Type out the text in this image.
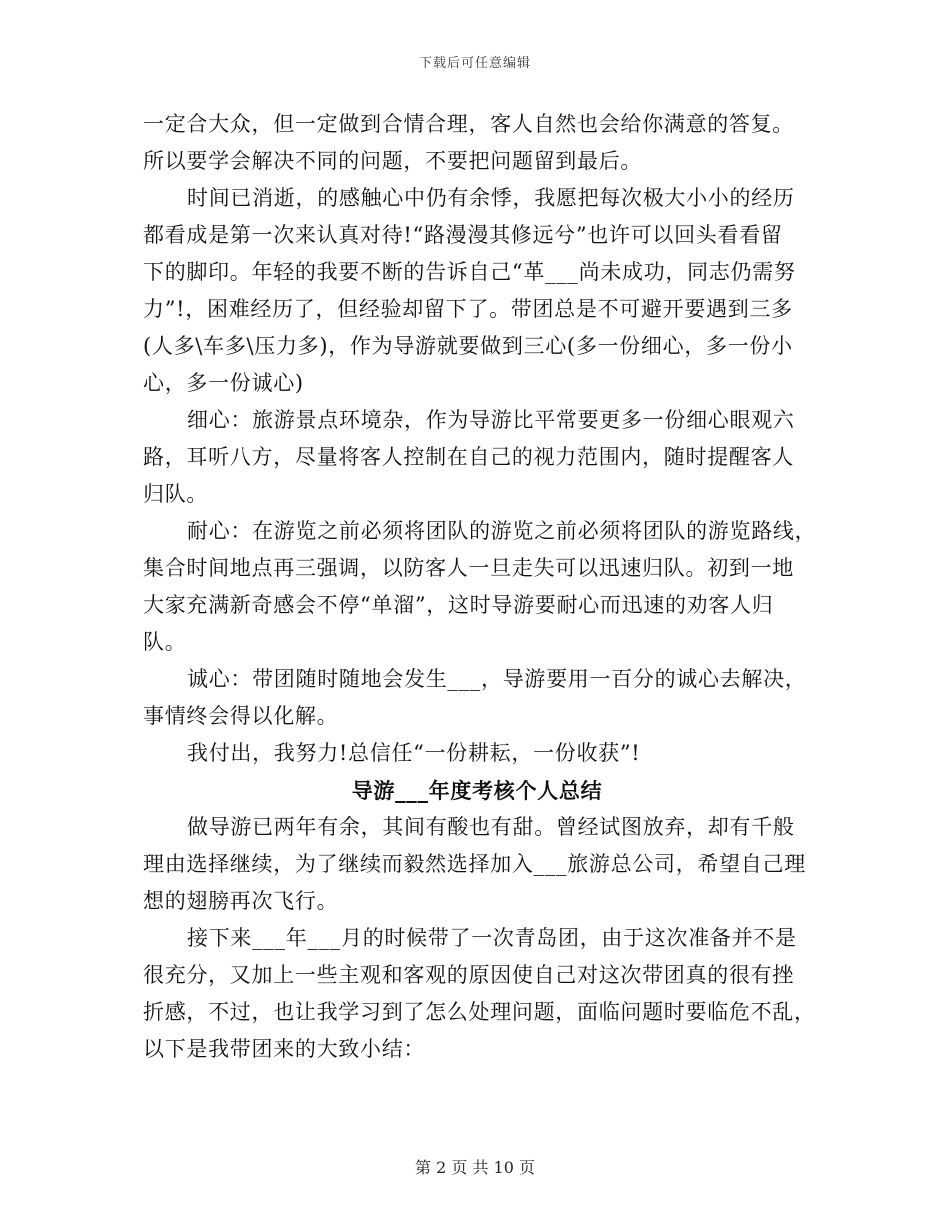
下载后可任意编辑
一定合大众，但一定做到合情合理，客人自然也会给你满意的答复。
所以要学会解决不同的问题，不要把问题留到最后。
时间已消逝，的感触心中仍有余悸，我愿把每次极大小小的经历
都看成是第一次来认真对待!“路漫漫其修远兮”也许可以回头看看留
下的脚印。年轻的我要不断的告诉自己“革___尚未成功，同志仍需努
力”!，困难经历了，但经验却留下了。带团总是不可避开要遇到三多
(人多\车多\压力多)，作为导游就要做到三心(多一份细心，多一份小
心，多一份诚心)
细心：旅游景点环境杂，作为导游比平常要更多一份细心眼观六
路，耳听八方，尽量将客人控制在自己的视力范围内，随时提醒客人
归队。
耐心：在游览之前必须将团队的游览之前必须将团队的游览路线，
集合时间地点再三强调，以防客人一旦走失可以迅速归队。初到一地
大家充满新奇感会不停“单溜”，这时导游要耐心而迅速的劝客人归
队。
诚心：带团随时随地会发生___，导游要用一百分的诚心去解决，
事情终会得以化解。
我付出，我努力!总信任“一份耕耘，一份收获”!
导游___年度考核个人总结
做导游已两年有余，其间有酸也有甜。曾经试图放弃，却有千般
理由选择继续，为了继续而毅然选择加入___旅游总公司，希望自己理
想的翅膀再次飞行。
接下来___年___月的时候带了一次青岛团，由于这次准备并不是
很充分，又加上一些主观和客观的原因使自己对这次带团真的很有挫
折感，不过，也让我学习到了怎么处理问题，面临问题时要临危不乱，
以下是我带团来的大致小结：
第 2 页 共 10 页
